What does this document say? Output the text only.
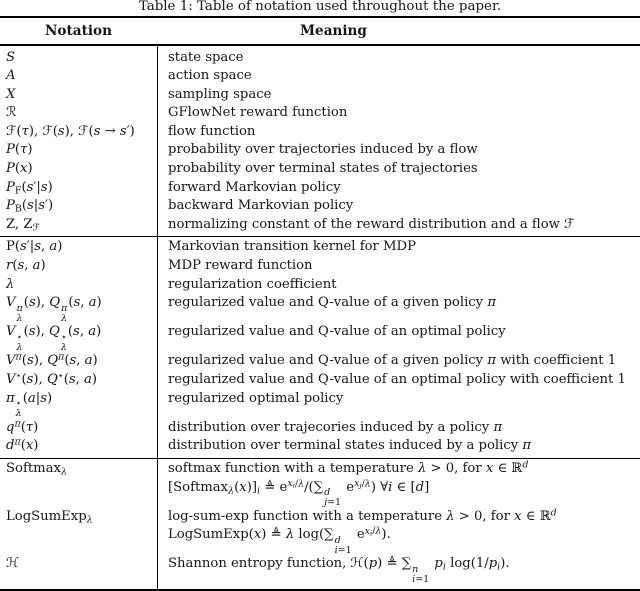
Table 1: Table of notation used throughout the paper.
Notation	Meaning
S	state space
A	action space
X	sampling space
ℛ	GFlowNet reward function
ℱ(τ), ℱ(s), ℱ(s → s′)	flow function
P(τ)	probability over trajectories induced by a flow
P(x)	probability over terminal states of trajectories
$P_F(s'|s)$	forward Markovian policy
$P_B(s|s')$	backward Markovian policy
Z, $Z_ℱ$	normalizing constant of the reward distribution and a flow ℱ
P(s′|s, a)	Markovian transition kernel for MDP
r(s, a)	MDP reward function
λ	regularization coefficient
V π
λ
(s), Q π
λ
(s, a)	regularized value and Q-value of a given policy π
V ⋆
λ
(s), Q ⋆
λ
(s, a)	regularized value and Q-value of an optimal policy
$V^\pi(s)$, $Q^\pi(s$, a)	regularized value and Q-value of a given policy π with coefficient 1
V⋆(s), Q⋆(s, a)	regularized value and Q-value of an optimal policy with coefficient 1
π ⋆
λ
(a|s)	regularized optimal policy
$q^\pi(\tau)$	distribution over trajecories induced by a policy π
$d^\pi(x)$	distribution over terminal states induced by a policy π
Softmax$_\lambda$	softmax function with a temperature λ > 0, for x ∈ ℝ$^d$
$[Softmax_\lambda(x)]_i$ ≜ $e^{x_i/\lambda}/(\sum$ d
j=1
$e^{x_j/\lambda}$) ∀i ∈ [d]
LogSumExp$_\lambda$	log-sum-exp function with a temperature λ > 0, for x ∈ ℝ$^d$
LogSumExp(x) ≜ λ log(∑ d
i=1
$e^{x_i/\lambda}$).
ℋ	Shannon entropy function, ℋ(p) ≜ ∑ n
i=1
$p_i$ $\log(1/p_i)$.
